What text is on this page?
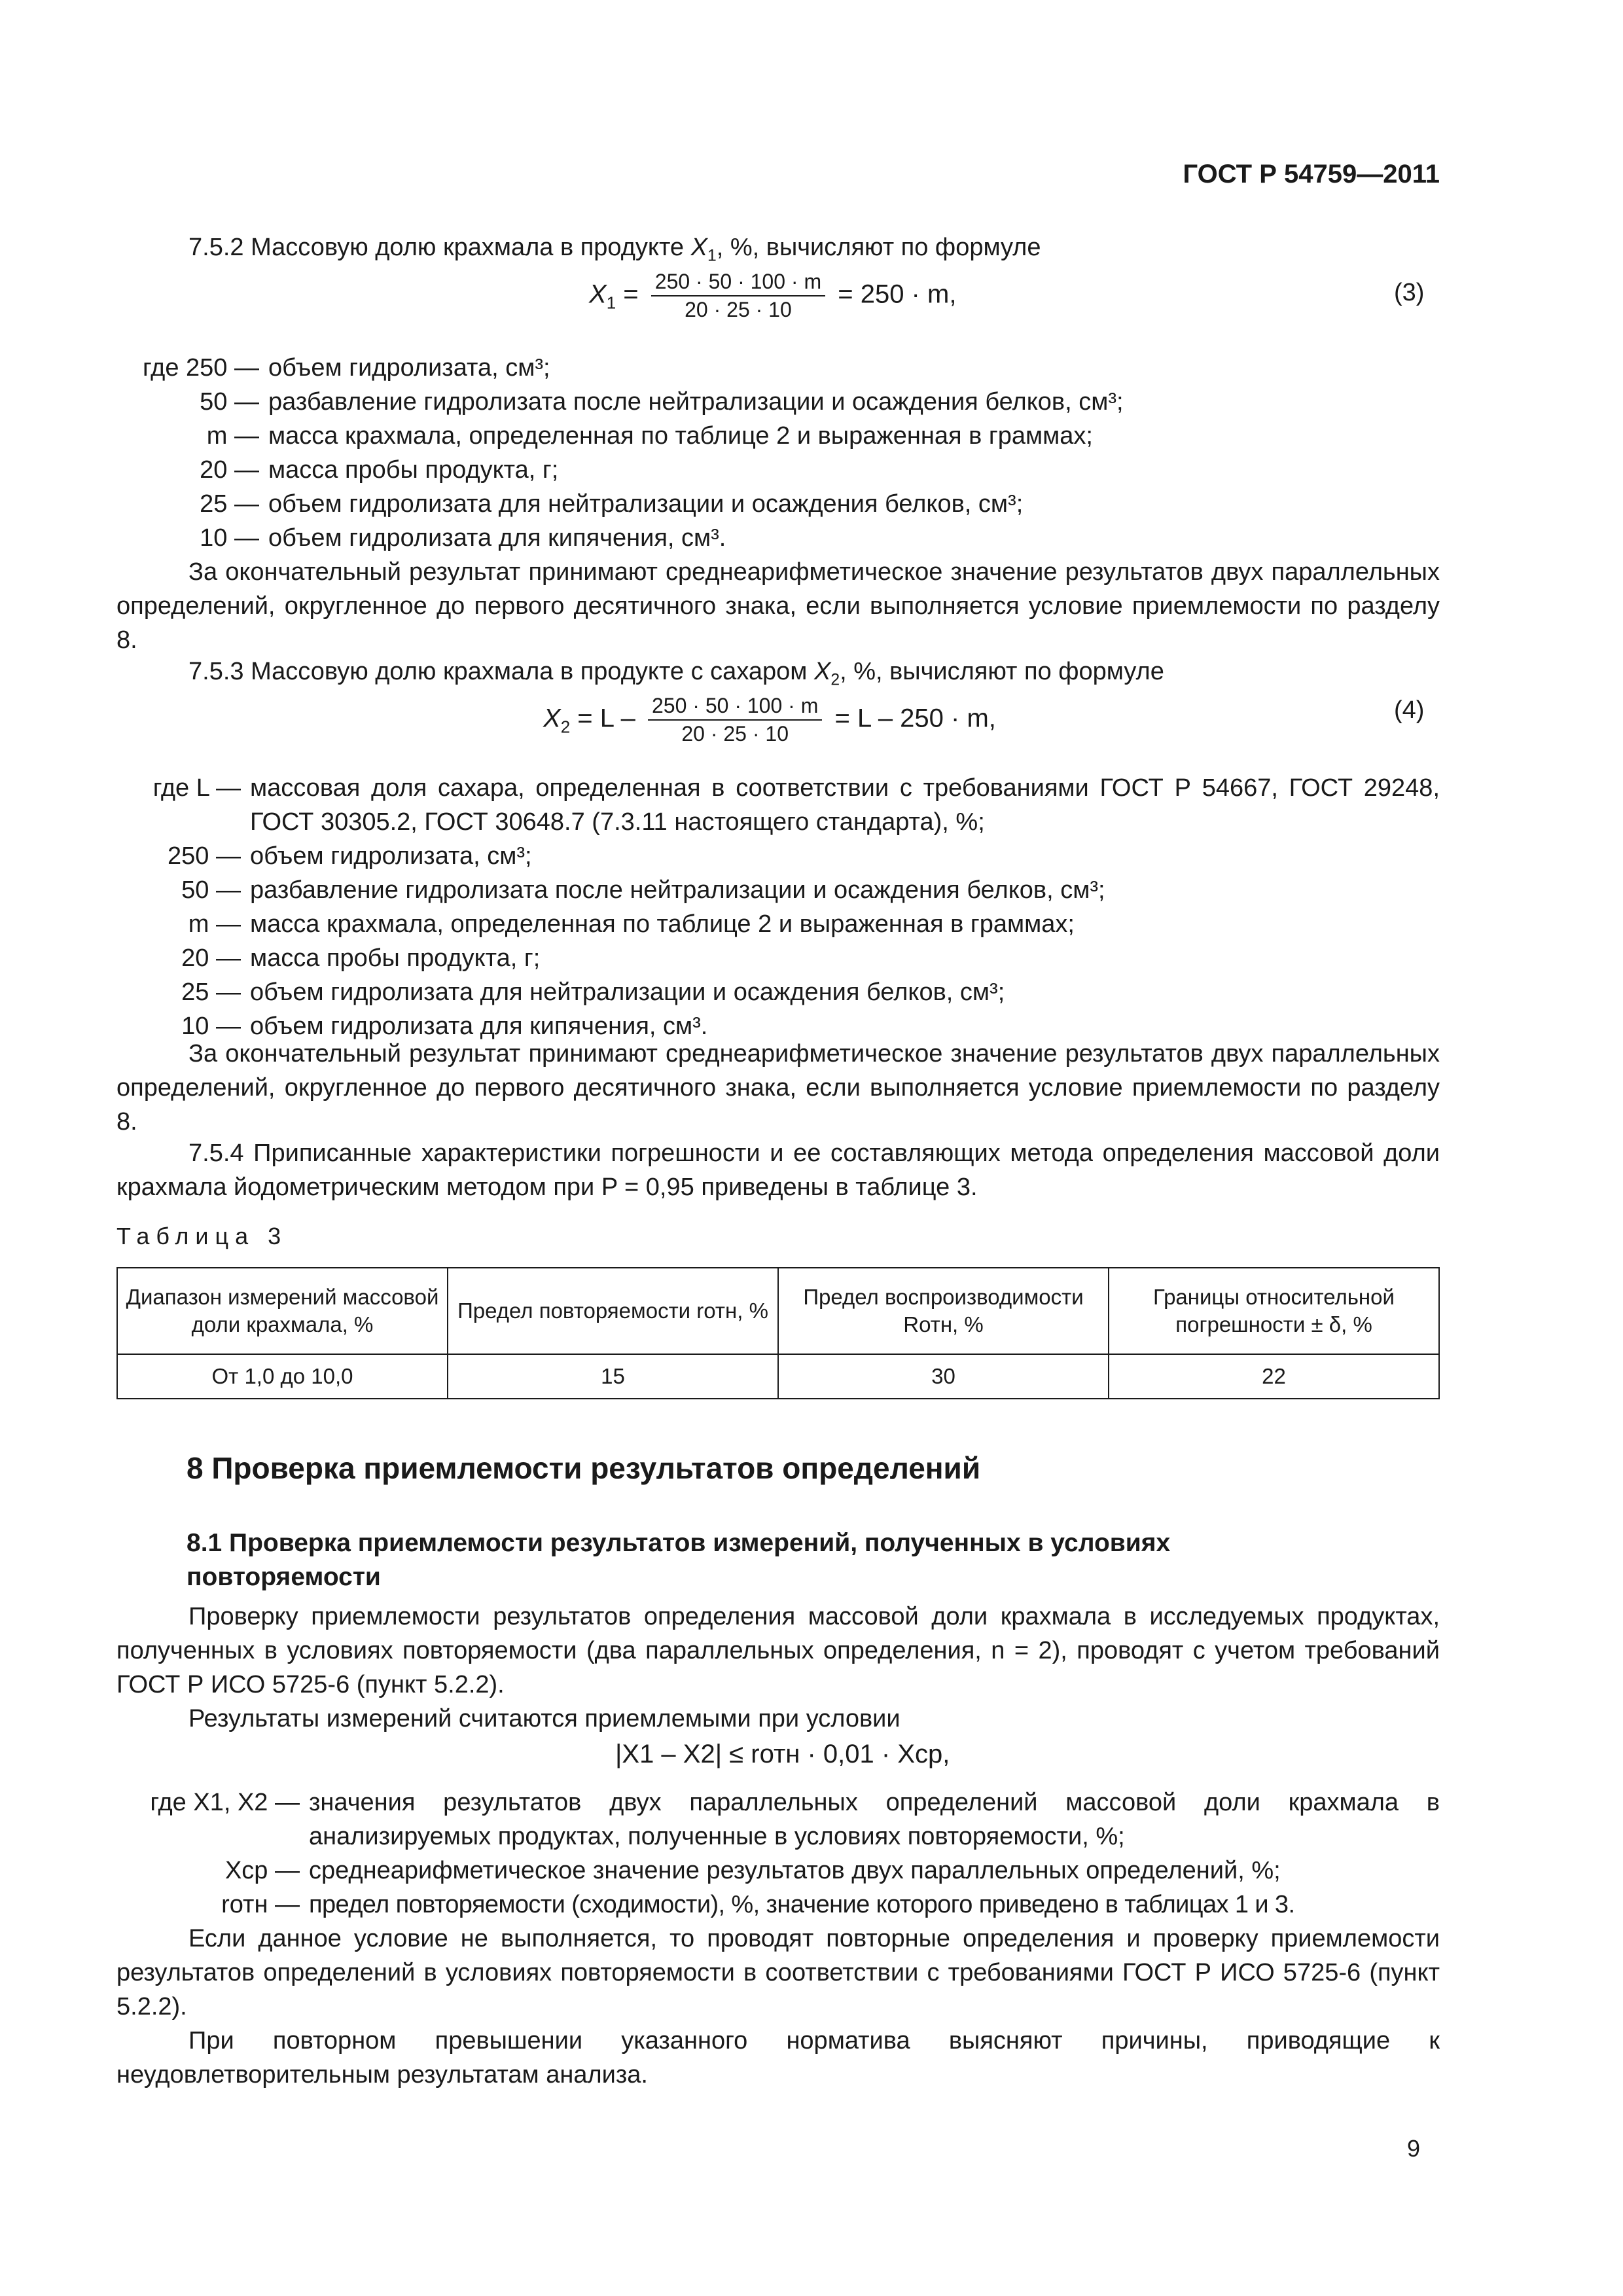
ГОСТ Р 54759—2011
7.5.2 Массовую долю крахмала в продукте $X_1$, %, вычисляют по формуле
$X_1 = \frac{250 \cdot 50 \cdot 100 \cdot m}{20 \cdot 25 \cdot 10} = 250 \cdot m$,	(3)
где 250 — объем гидролизата, см³;
50 — разбавление гидролизата после нейтрализации и осаждения белков, см³;
m — масса крахмала, определенная по таблице 2 и выраженная в граммах;
20 — масса пробы продукта, г;
25 — объем гидролизата для нейтрализации и осаждения белков, см³;
10 — объем гидролизата для кипячения, см³.
За окончательный результат принимают среднеарифметическое значение результатов двух параллельных определений, округленное до первого десятичного знака, если выполняется условие приемлемости по разделу 8.
7.5.3 Массовую долю крахмала в продукте с сахаром $X_2$, %, вычисляют по формуле
$X_2 = L - \frac{250 \cdot 50 \cdot 100 \cdot m}{20 \cdot 25 \cdot 10} = L - 250 \cdot m$,	(4)
где L — массовая доля сахара, определенная в соответствии с требованиями ГОСТ Р 54667, ГОСТ 29248, ГОСТ 30305.2, ГОСТ 30648.7 (7.3.11 настоящего стандарта), %;
250 — объем гидролизата, см³;
50 — разбавление гидролизата после нейтрализации и осаждения белков, см³;
m — масса крахмала, определенная по таблице 2 и выраженная в граммах;
20 — масса пробы продукта, г;
25 — объем гидролизата для нейтрализации и осаждения белков, см³;
10 — объем гидролизата для кипячения, см³.
За окончательный результат принимают среднеарифметическое значение результатов двух параллельных определений, округленное до первого десятичного знака, если выполняется условие приемлемости по разделу 8.
7.5.4 Приписанные характеристики погрешности и ее составляющих метода определения массовой доли крахмала йодометрическим методом при P = 0,95 приведены в таблице 3.
Таблица 3
Диапазон измерений массовой доли крахмала, %	Предел повторяемости rотн, %	Предел воспроизводимости Rотн, %	Границы относительной погрешности ± δ, %
От 1,0 до 10,0	15	30	22
8 Проверка приемлемости результатов определений
8.1 Проверка приемлемости результатов измерений, полученных в условиях повторяемости
Проверку приемлемости результатов определения массовой доли крахмала в исследуемых продуктах, полученных в условиях повторяемости (два параллельных определения, n = 2), проводят с учетом требований ГОСТ Р ИСО 5725-6 (пункт 5.2.2).
Результаты измерений считаются приемлемыми при условии
|X1 – X2| ≤ rотн · 0,01 · Xср,
где X1, X2 — значения результатов двух параллельных определений массовой доли крахмала в анализируемых продуктах, полученные в условиях повторяемости, %;
Xср — среднеарифметическое значение результатов двух параллельных определений, %;
rотн — предел повторяемости (сходимости), %, значение которого приведено в таблицах 1 и 3.
Если данное условие не выполняется, то проводят повторные определения и проверку приемлемости результатов определений в условиях повторяемости в соответствии с требованиями ГОСТ Р ИСО 5725-6 (пункт 5.2.2).
При повторном превышении указанного норматива выясняют причины, приводящие к неудовлетворительным результатам анализа.
9
